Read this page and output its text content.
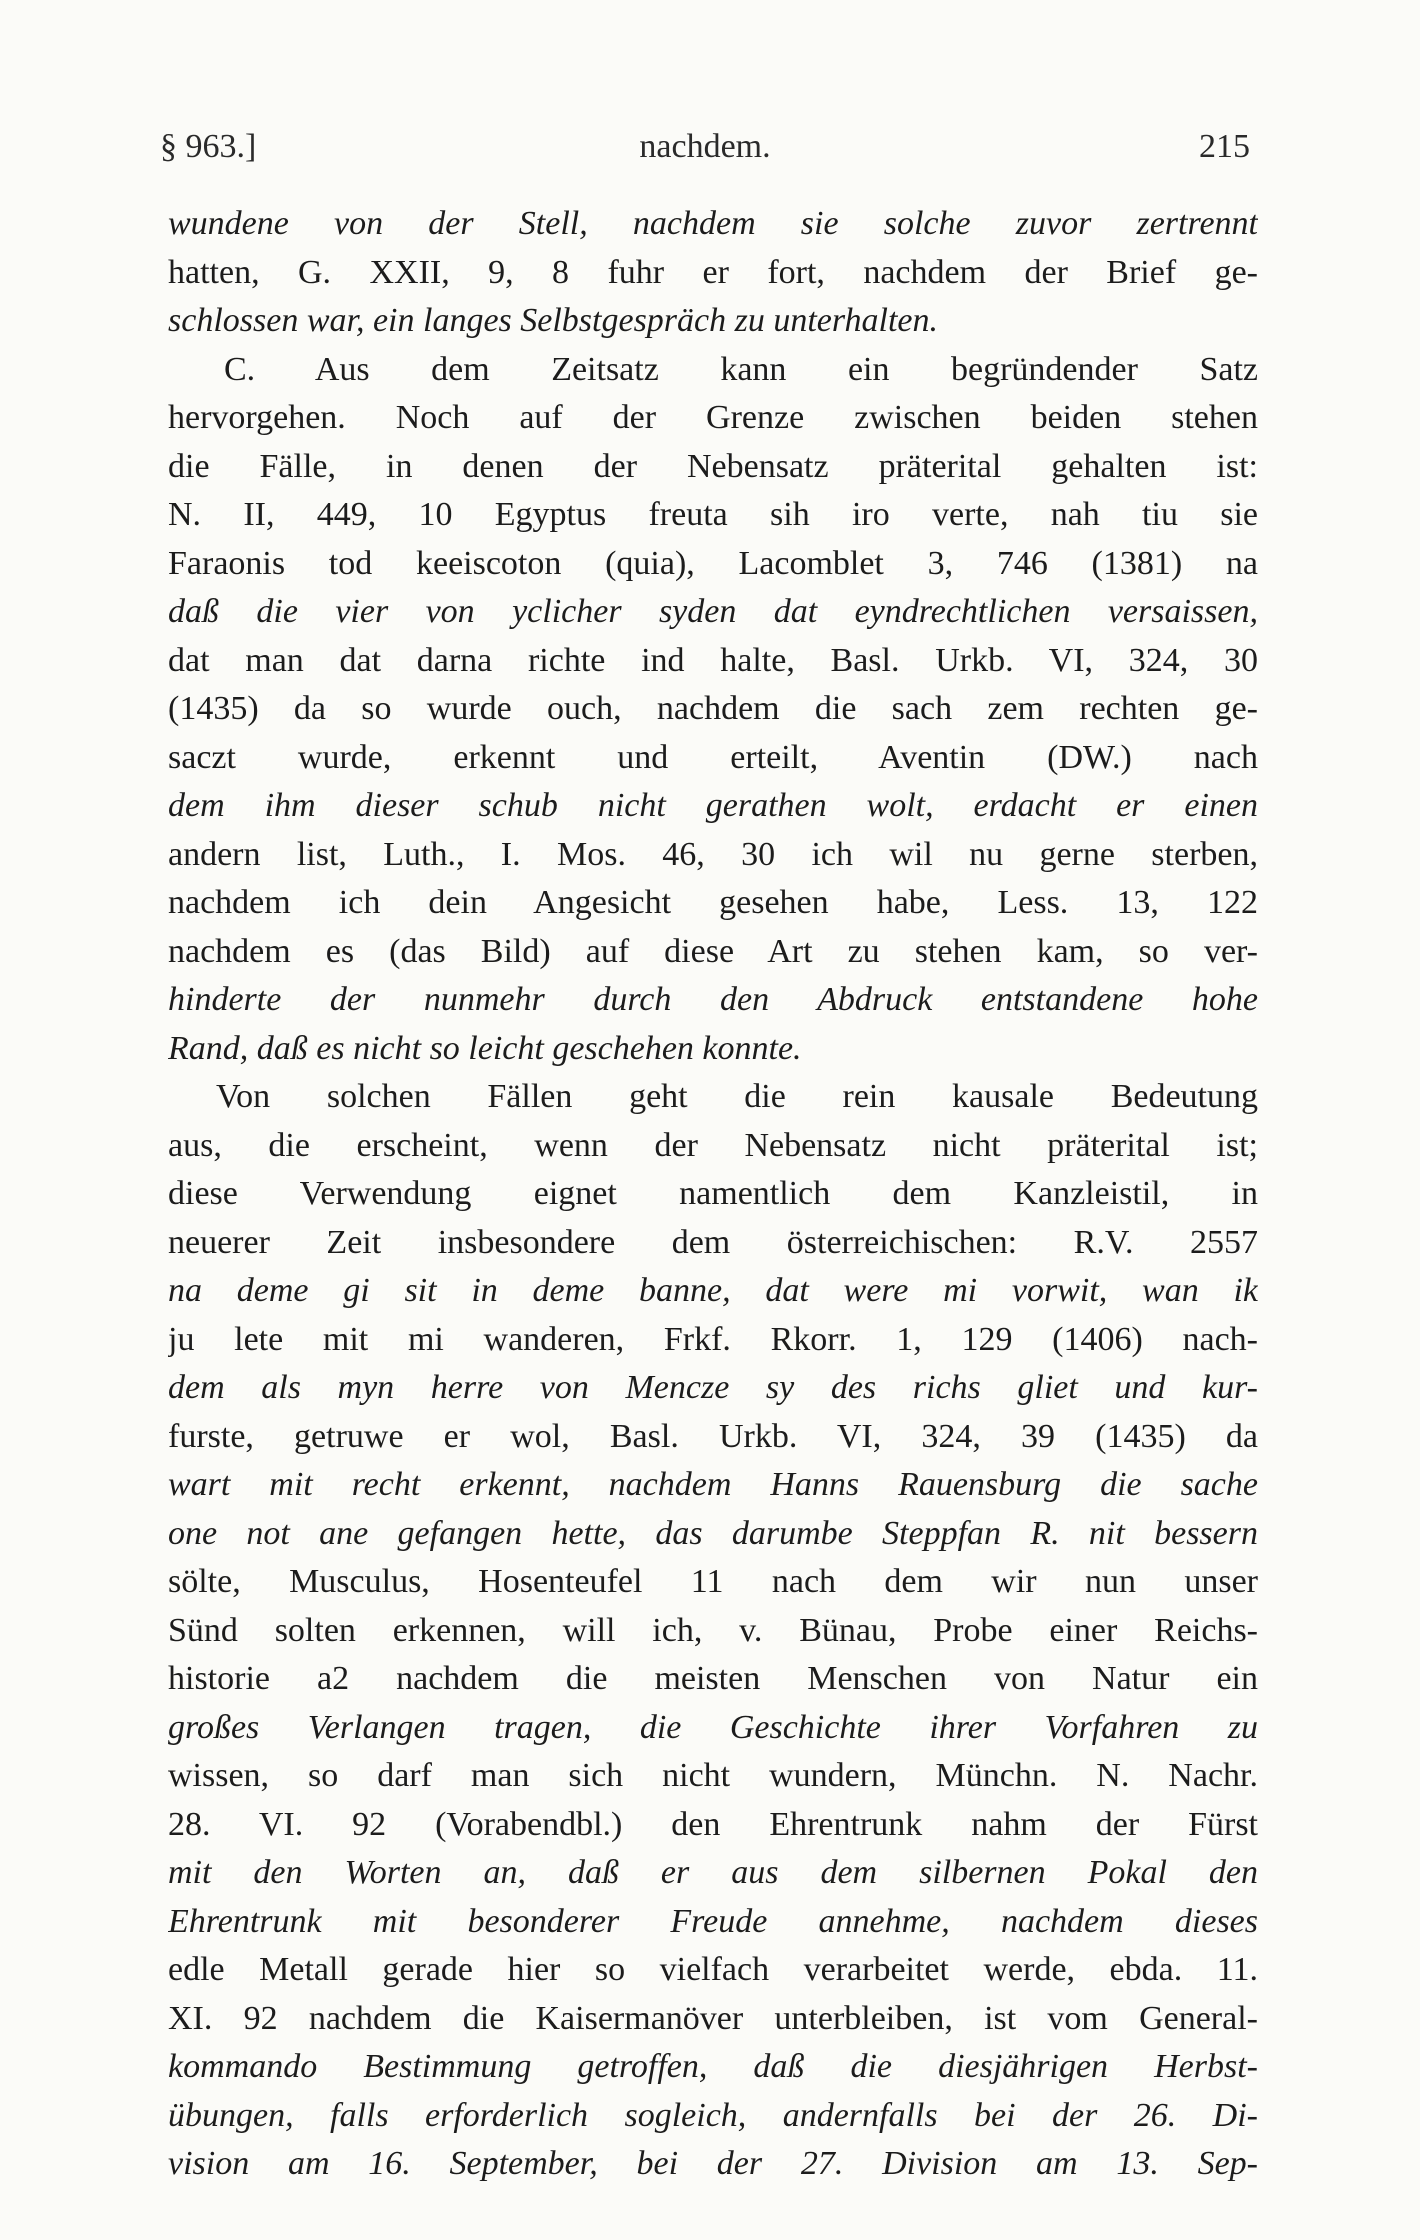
§ 963.]	nachdem.	215
wundene von der Stell, nachdem sie solche zuvor zertrennt
hatten, G. XXII, 9, 8 fuhr er fort, nachdem der Brief ge-
schlossen war, ein langes Selbstgespräch zu unterhalten.
C. Aus dem Zeitsatz kann ein begründender Satz
hervorgehen. Noch auf der Grenze zwischen beiden stehen
die Fälle, in denen der Nebensatz präterital gehalten ist:
N. II, 449, 10 Egyptus freuta sih iro verte, nah tiu sie
Faraonis tod keeiscoton (quia), Lacomblet 3, 746 (1381) na
daß die vier von yclicher syden dat eyndrechtlichen versaissen,
dat man dat darna richte ind halte, Basl. Urkb. VI, 324, 30
(1435) da so wurde ouch, nachdem die sach zem rechten ge-
saczt wurde, erkennt und erteilt, Aventin (DW.) nach
dem ihm dieser schub nicht gerathen wolt, erdacht er einen
andern list, Luth., I. Mos. 46, 30 ich wil nu gerne sterben,
nachdem ich dein Angesicht gesehen habe, Less. 13, 122
nachdem es (das Bild) auf diese Art zu stehen kam, so ver-
hinderte der nunmehr durch den Abdruck entstandene hohe
Rand, daß es nicht so leicht geschehen konnte.
Von solchen Fällen geht die rein kausale Bedeutung
aus, die erscheint, wenn der Nebensatz nicht präterital ist;
diese Verwendung eignet namentlich dem Kanzleistil, in
neuerer Zeit insbesondere dem österreichischen: R.V. 2557
na deme gi sit in deme banne, dat were mi vorwit, wan ik
ju lete mit mi wanderen, Frkf. Rkorr. 1, 129 (1406) nach-
dem als myn herre von Mencze sy des richs gliet und kur-
furste, getruwe er wol, Basl. Urkb. VI, 324, 39 (1435) da
wart mit recht erkennt, nachdem Hanns Rauensburg die sache
one not ane gefangen hette, das darumbe Steppfan R. nit bessern
sölte, Musculus, Hosenteufel 11 nach dem wir nun unser
Sünd solten erkennen, will ich, v. Bünau, Probe einer Reichs-
historie a2 nachdem die meisten Menschen von Natur ein
großes Verlangen tragen, die Geschichte ihrer Vorfahren zu
wissen, so darf man sich nicht wundern, Münchn. N. Nachr.
28. VI. 92 (Vorabendbl.) den Ehrentrunk nahm der Fürst
mit den Worten an, daß er aus dem silbernen Pokal den
Ehrentrunk mit besonderer Freude annehme, nachdem dieses
edle Metall gerade hier so vielfach verarbeitet werde, ebda. 11.
XI. 92 nachdem die Kaisermanöver unterbleiben, ist vom General-
kommando Bestimmung getroffen, daß die diesjährigen Herbst-
übungen, falls erforderlich sogleich, andernfalls bei der 26. Di-
vision am 16. September, bei der 27. Division am 13. Sep-
